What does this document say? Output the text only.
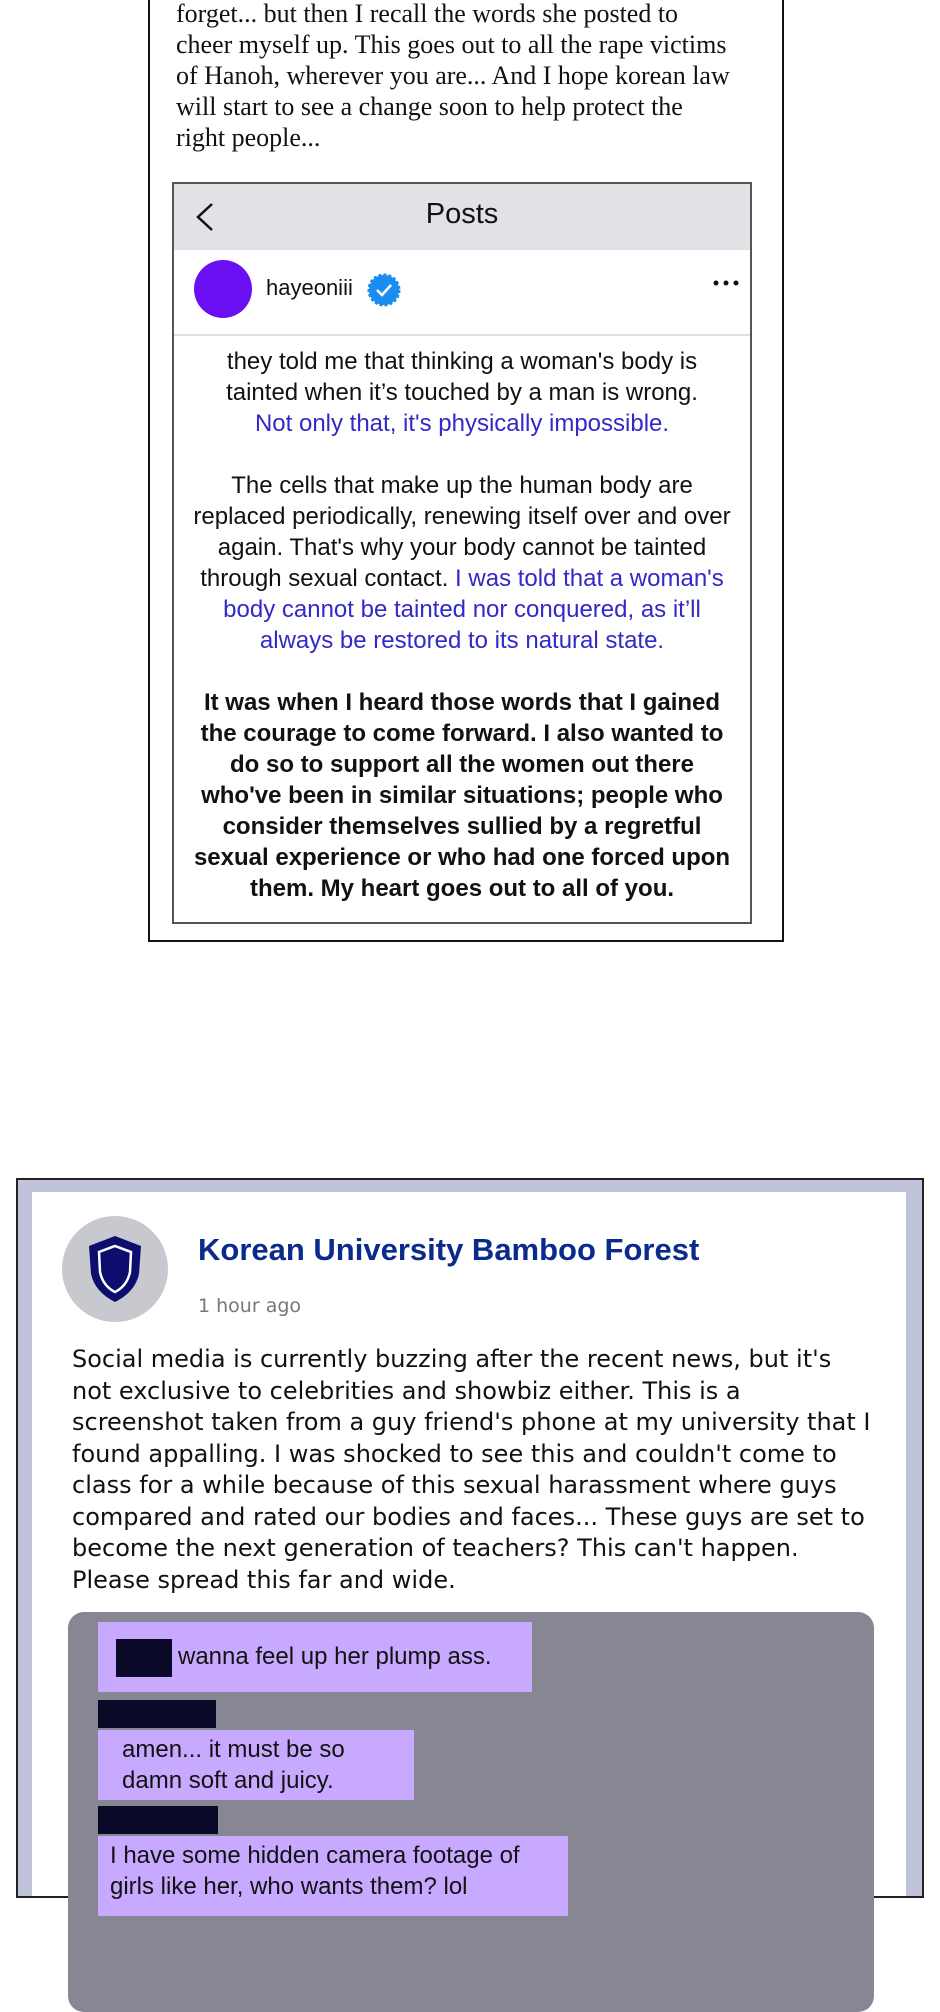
forget... but then I recall the words she posted to
cheer myself up. This goes out to all the rape victims
of Hanoh, wherever you are... And I hope korean law
will start to see a change soon to help protect the
right people...

Posts
hayeoniii

they told me that thinking a woman's body is tainted when it’s touched by a man is wrong.
Not only that, it's physically impossible.

The cells that make up the human body are replaced periodically, renewing itself over and over again. That's why your body cannot be tainted through sexual contact. I was told that a woman's body cannot be tainted nor conquered, as it’ll always be restored to its natural state.

It was when I heard those words that I gained the courage to come forward. I also wanted to do so to support all the women out there who've been in similar situations; people who consider themselves sullied by a regretful sexual experience or who had one forced upon them. My heart goes out to all of you.

Korean University Bamboo Forest
1 hour ago

Social media is currently buzzing after the recent news, but it's not exclusive to celebrities and showbiz either. This is a screenshot taken from a guy friend's phone at my university that I found appalling. I was shocked to see this and couldn't come to class for a while because of this sexual harassment where guys compared and rated our bodies and faces... These guys are set to become the next generation of teachers? This can't happen. Please spread this far and wide.

wanna feel up her plump ass.
amen... it must be so damn soft and juicy.
I have some hidden camera footage of girls like her, who wants them? lol
